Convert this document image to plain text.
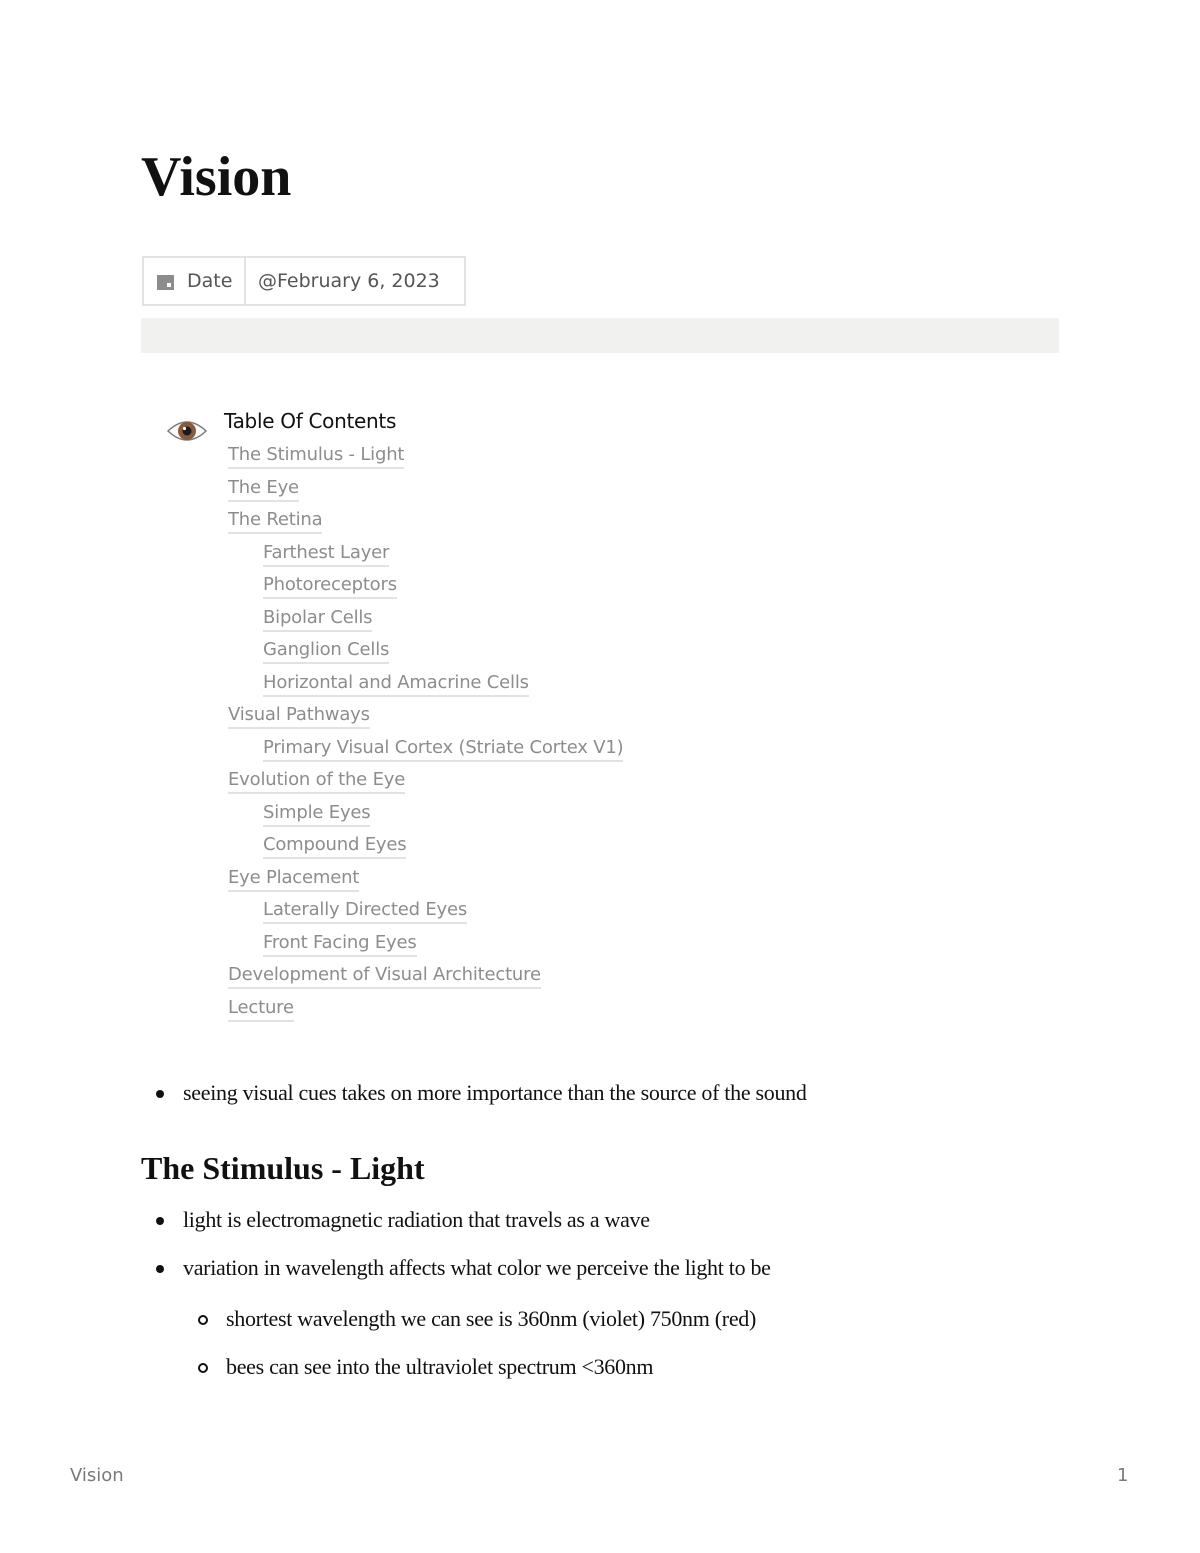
Vision
Date	@February 6, 2023
Table Of Contents
The Stimulus - Light
The Eye
The Retina
Farthest Layer
Photoreceptors
Bipolar Cells
Ganglion Cells
Horizontal and Amacrine Cells
Visual Pathways
Primary Visual Cortex (Striate Cortex V1)
Evolution of the Eye
Simple Eyes
Compound Eyes
Eye Placement
Laterally Directed Eyes
Front Facing Eyes
Development of Visual Architecture
Lecture
seeing visual cues takes on more importance than the source of the sound
The Stimulus - Light
light is electromagnetic radiation that travels as a wave
variation in wavelength affects what color we perceive the light to be
shortest wavelength we can see is 360nm (violet) 750nm (red)
bees can see into the ultraviolet spectrum <360nm
Vision	1
